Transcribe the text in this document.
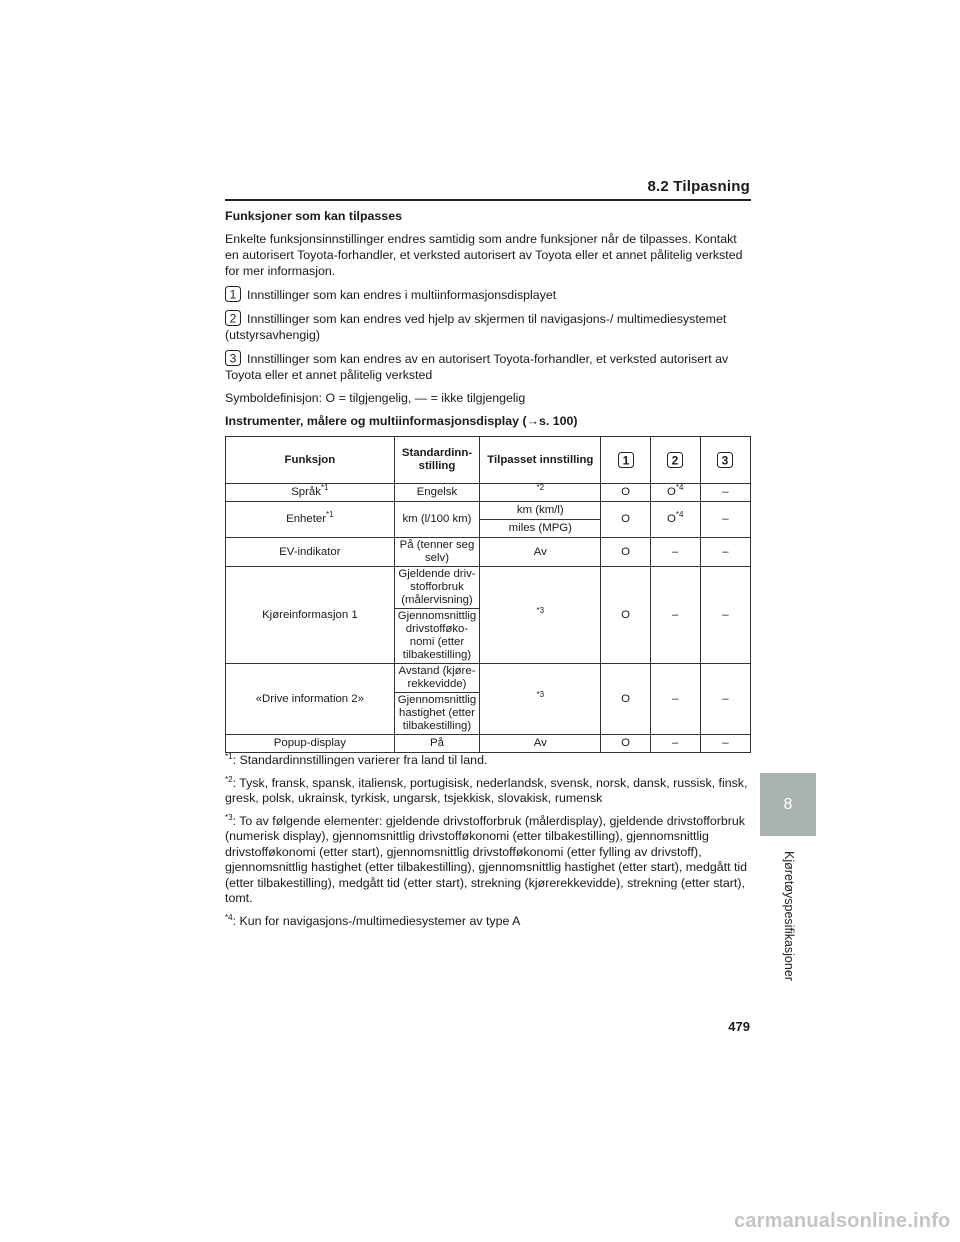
8.2 Tilpasning

Funksjoner som kan tilpasses

Enkelte funksjonsinnstillinger endres samtidig som andre funksjoner når de tilpasses. Kontakt en autorisert Toyota-forhandler, et verksted autorisert av Toyota eller et annet pålitelig verksted for mer informasjon.

1 Innstillinger som kan endres i multiinformasjonsdisplayet

2 Innstillinger som kan endres ved hjelp av skjermen til navigasjons-/ multimediesystemet (utstyrsavhengig)

3 Innstillinger som kan endres av en autorisert Toyota-forhandler, et verksted autorisert av Toyota eller et annet pålitelig verksted

Symboldefinisjon: O = tilgjengelig, — = ikke tilgjengelig

Instrumenter, målere og multiinformasjonsdisplay (→s. 100)

Funksjon	Standardinn-stilling	Tilpasset innstilling	1	2	3

Språk$^{*1}$	Engelsk	$^{*2}$	O	$O^{*4}$	–
Enheter$^{*1}$	km (l/100 km)	km (km/l)	O	$O^{*4}$	–
		miles (MPG)			
EV-indikator	På (tenner seg selv)	Av	O	–	–
Kjøreinformasjon 1	Gjeldende driv-stofforbruk (målervisning)	$^{*3}$	O	–	–
	Gjennomsnittlig drivstofføko-nomi (etter tilbakestilling)				
«Drive information 2»	Avstand (kjøre-rekkevidde)	$^{*3}$	O	–	–
	Gjennomsnittlig hastighet (etter tilbakestilling)				
Popup-display	På	Av	O	–	–

$^{*1}$: Standardinnstillingen varierer fra land til land.

$^{*2}$: Tysk, fransk, spansk, italiensk, portugisisk, nederlandsk, svensk, norsk, dansk, russisk, finsk, gresk, polsk, ukrainsk, tyrkisk, ungarsk, tsjekkisk, slovakisk, rumensk

$^{*3}$: To av følgende elementer: gjeldende drivstofforbruk (målerdisplay), gjeldende drivstofforbruk (numerisk display), gjennomsnittlig drivstofføkonomi (etter tilbakestilling), gjennomsnittlig drivstofføkonomi (etter start), gjennomsnittlig drivstofføkonomi (etter fylling av drivstoff), gjennomsnittlig hastighet (etter tilbakestilling), gjennomsnittlig hastighet (etter start), medgått tid (etter tilbakestilling), medgått tid (etter start), strekning (kjørerekkevidde), strekning (etter start), tomt.

$^{*4}$: Kun for navigasjons-/multimediesystemer av type A

8
Kjøretøyspesifikasjoner
479
carmanualsonline.info
